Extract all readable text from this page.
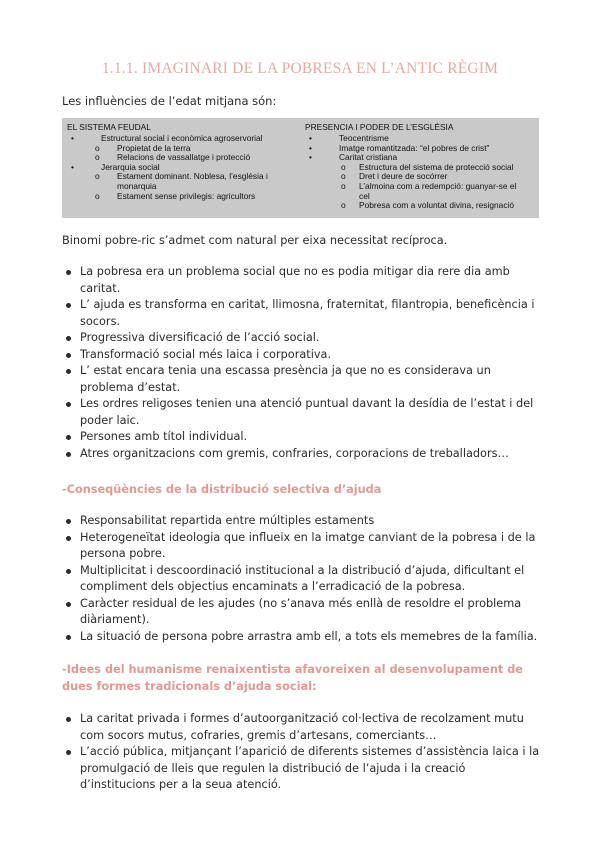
1.1.1. IMAGINARI DE LA POBRESA EN L’ANTIC RÈGIM

Les influències de l’edat mitjana són:

EL SISTEMA FEUDAL
•	Estructural social i econòmica agroservorial
o	Propietat de la terra
o	Relacions de vassallatge i protecció
•	Jerarquia social
o	Estament dominant. Noblesa, l’església i
monarquia
o	Estament sense privilegis: agricultors
PRESENCIA I PODER DE L’ESGLÉSIA
•	Teocentrisme
•	Imatge romantitzada: “el pobres de crist”
•	Caritat cristiana
o	Estructura del sistema de protecció social
o	Dret i deure de socórrer
o	L’almoina com a redempció: guanyar-se el
cel
o	Pobresa com a voluntat divina, resignació

Binomi pobre-ric s’admet com natural per eixa necessitat recíproca.

La pobresa era un problema social que no es podia mitigar dia rere dia amb caritat.
L’ ajuda es transforma en caritat, llimosna, fraternitat, filantropia, beneficència i socors.
Progressiva diversificació de l’acció social.
Transformació social més laica i corporativa.
L’ estat encara tenia una escassa presència ja que no es considerava un problema d’estat.
Les ordres religoses tenien una atenció puntual davant la desídia de l’estat i del poder laic.
Persones amb títol individual.
Atres organitzacions com gremis, confraries, corporacions de treballadors…

-Conseqüències de la distribució selectiva d’ajuda

Responsabilitat repartida entre múltiples estaments
Heterogeneïtat ideologia que influeix en la imatge canviant de la pobresa i de la persona pobre.
Multiplicitat i descoordinació institucional a la distribució d’ajuda, dificultant el compliment dels objectius encaminats a l’erradicació de la pobresa.
Caràcter residual de les ajudes (no s’anava més enllà de resoldre el problema diàriament).
La situació de persona pobre arrastra amb ell, a tots els memebres de la família.

-Idees del humanisme renaixentista afavoreixen al desenvolupament de dues formes tradicionals d’ajuda social:

La caritat privada i formes d’autoorganització col·lectiva de recolzament mutu com socors mutus, cofraries, gremis d’artesans, comerciants…
L’acció pública, mitjançant l’aparició de diferents sistemes d’assistència laica i la promulgació de lleis que regulen la distribució de l’ajuda i la creació d’institucions per a la seua atenció.
